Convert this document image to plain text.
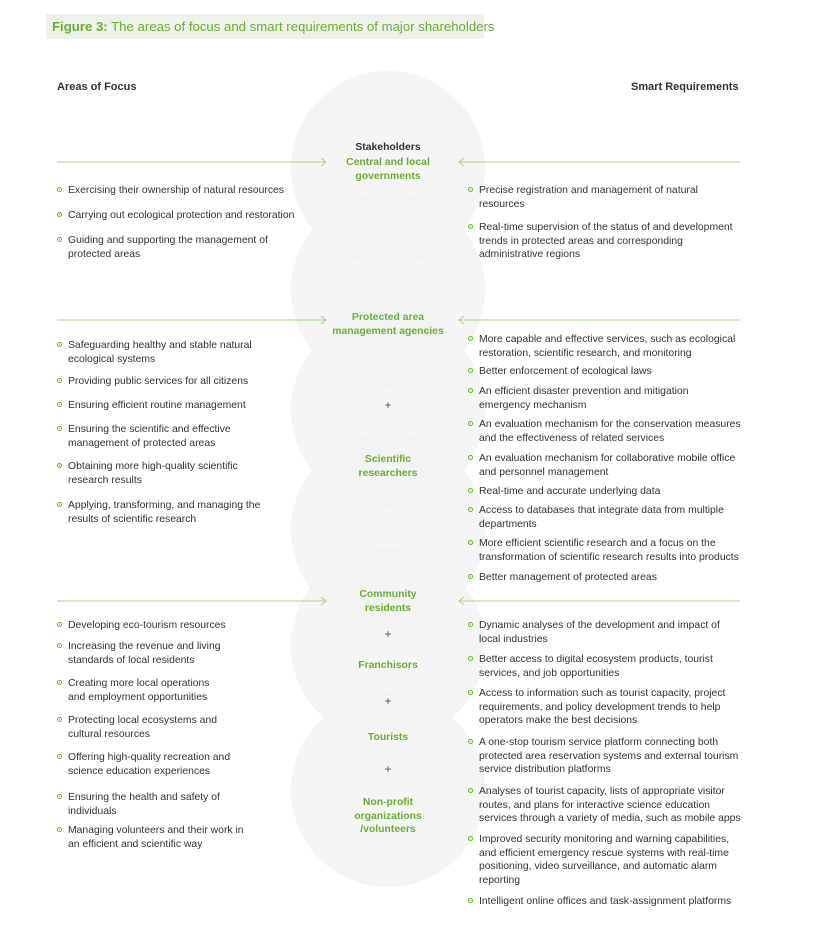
Figure 3: The areas of focus and smart requirements of major shareholders
Areas of Focus	Smart Requirements
Stakeholders
Central and local
governments
Protected area
management agencies
+
Scientific
researchers
Community
residents
+
Franchisors
+
Tourists
+
Non-profit
organizations
/volunteers
Exercising their ownership of natural resources
Carrying out ecological protection and restoration
Guiding and supporting the management of
protected areas
Safeguarding healthy and stable natural
ecological systems
Providing public services for all citizens
Ensuring efficient routine management
Ensuring the scientific and effective
management of protected areas
Obtaining more high-quality scientific
research results
Applying, transforming, and managing the
results of scientific research
Developing eco-tourism resources
Increasing the revenue and living
standards of local residents
Creating more local operations
and employment opportunities
Protecting local ecosystems and
cultural resources
Offering high-quality recreation and
science education experiences
Ensuring the health and safety of
individuals
Managing volunteers and their work in
an efficient and scientific way
Precise registration and management of natural
resources
Real-time supervision of the status of and development
trends in protected areas and corresponding
administrative regions
More capable and effective services, such as ecological
restoration, scientific research, and monitoring
Better enforcement of ecological laws
An efficient disaster prevention and mitigation
emergency mechanism
An evaluation mechanism for the conservation measures
and the effectiveness of related services
An evaluation mechanism for collaborative mobile office
and personnel management
Real-time and accurate underlying data
Access to databases that integrate data from multiple
departments
More efficient scientific research and a focus on the
transformation of scientific research results into products
Better management of protected areas
Dynamic analyses of the development and impact of
local industries
Better access to digital ecosystem products, tourist
services, and job opportunities
Access to information such as tourist capacity, project
requirements, and policy development trends to help
operators make the best decisions
A one-stop tourism service platform connecting both
protected area reservation systems and external tourism
service distribution platforms
Analyses of tourist capacity, lists of appropriate visitor
routes, and plans for interactive science education
services through a variety of media, such as mobile apps
Improved security monitoring and warning capabilities,
and efficient emergency rescue systems with real-time
positioning, video surveillance, and automatic alarm
reporting
Intelligent online offices and task-assignment platforms
